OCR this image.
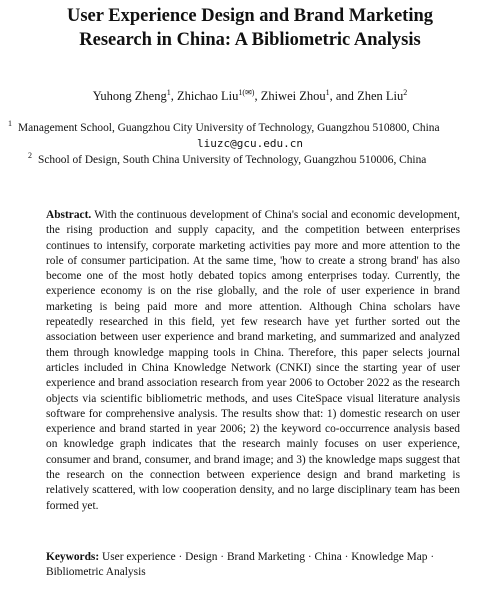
User Experience Design and Brand Marketing
Research in China: A Bibliometric Analysis
Yuhong Zheng$^1$, Zhichao Liu$^{1(✉)}$, Zhiwei Zhou$^1$, and Zhen Liu$^2$
$^1$ Management School, Guangzhou City University of Technology, Guangzhou 510800, China
liuzc@gcu.edu.cn
$^2$ School of Design, South China University of Technology, Guangzhou 510006, China
Abstract. With the continuous development of China's social and economic development, the rising production and supply capacity, and the competition between enterprises continues to intensify, corporate marketing activities pay more and more attention to the role of consumer participation. At the same time, 'how to create a strong brand' has also become one of the most hotly debated topics among enterprises today. Currently, the experience economy is on the rise globally, and the role of user experience in brand marketing is being paid more and more attention. Although China scholars have repeatedly researched in this field, yet few research have yet further sorted out the association between user experience and brand marketing, and summarized and analyzed them through knowledge mapping tools in China. Therefore, this paper selects journal articles included in China Knowledge Network (CNKI) since the starting year of user experience and brand association research from year 2006 to October 2022 as the research objects via scientific bibliometric methods, and uses CiteSpace visual literature analysis software for comprehensive analysis. The results show that: 1) domestic research on user experience and brand started in year 2006; 2) the keyword co-occurrence analysis based on knowledge graph indicates that the research mainly focuses on user experience, consumer and brand, consumer, and brand image; and 3) the knowledge maps suggest that the research on the connection between experience design and brand marketing is relatively scattered, with low cooperation density, and no large disciplinary team has been formed yet.
Keywords: User experience · Design · Brand Marketing · China · Knowledge Map · Bibliometric Analysis
